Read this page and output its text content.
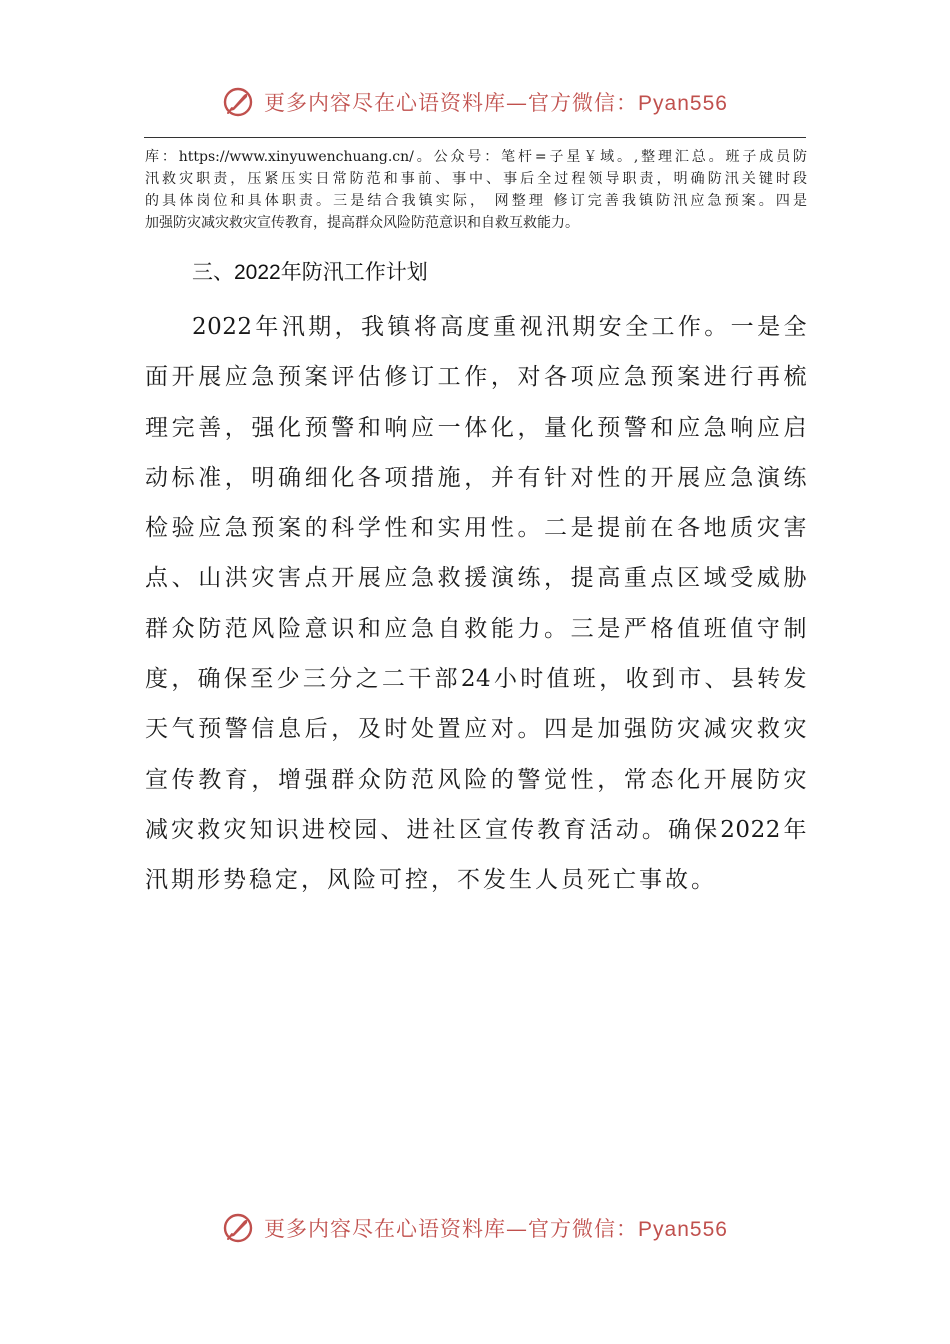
更多内容尽在心语资料库—官方微信：Pyan556
库：https://www.xinyuwenchuang.cn/。公众号：笔杆=子星￥域。,整理汇总。班子成员防
汛救灾职责，压紧压实日常防范和事前、事中、事后全过程领导职责，明确防汛关键时段
的具体岗位和具体职责。三是结合我镇实际， 网整理 修订完善我镇防汛应急预案。四是
加强防灾减灾救灾宣传教育，提高群众风险防范意识和自救互救能力。
三、2022年防汛工作计划
2022年汛期，我镇将高度重视汛期安全工作。一是全
面开展应急预案评估修订工作，对各项应急预案进行再梳
理完善，强化预警和响应一体化，量化预警和应急响应启
动标准，明确细化各项措施，并有针对性的开展应急演练
检验应急预案的科学性和实用性。二是提前在各地质灾害
点、山洪灾害点开展应急救援演练，提高重点区域受威胁
群众防范风险意识和应急自救能力。三是严格值班值守制
度，确保至少三分之二干部24小时值班，收到市、县转发
天气预警信息后，及时处置应对。四是加强防灾减灾救灾
宣传教育，增强群众防范风险的警觉性，常态化开展防灾
减灾救灾知识进校园、进社区宣传教育活动。确保2022年
汛期形势稳定，风险可控，不发生人员死亡事故。
更多内容尽在心语资料库—官方微信：Pyan556
